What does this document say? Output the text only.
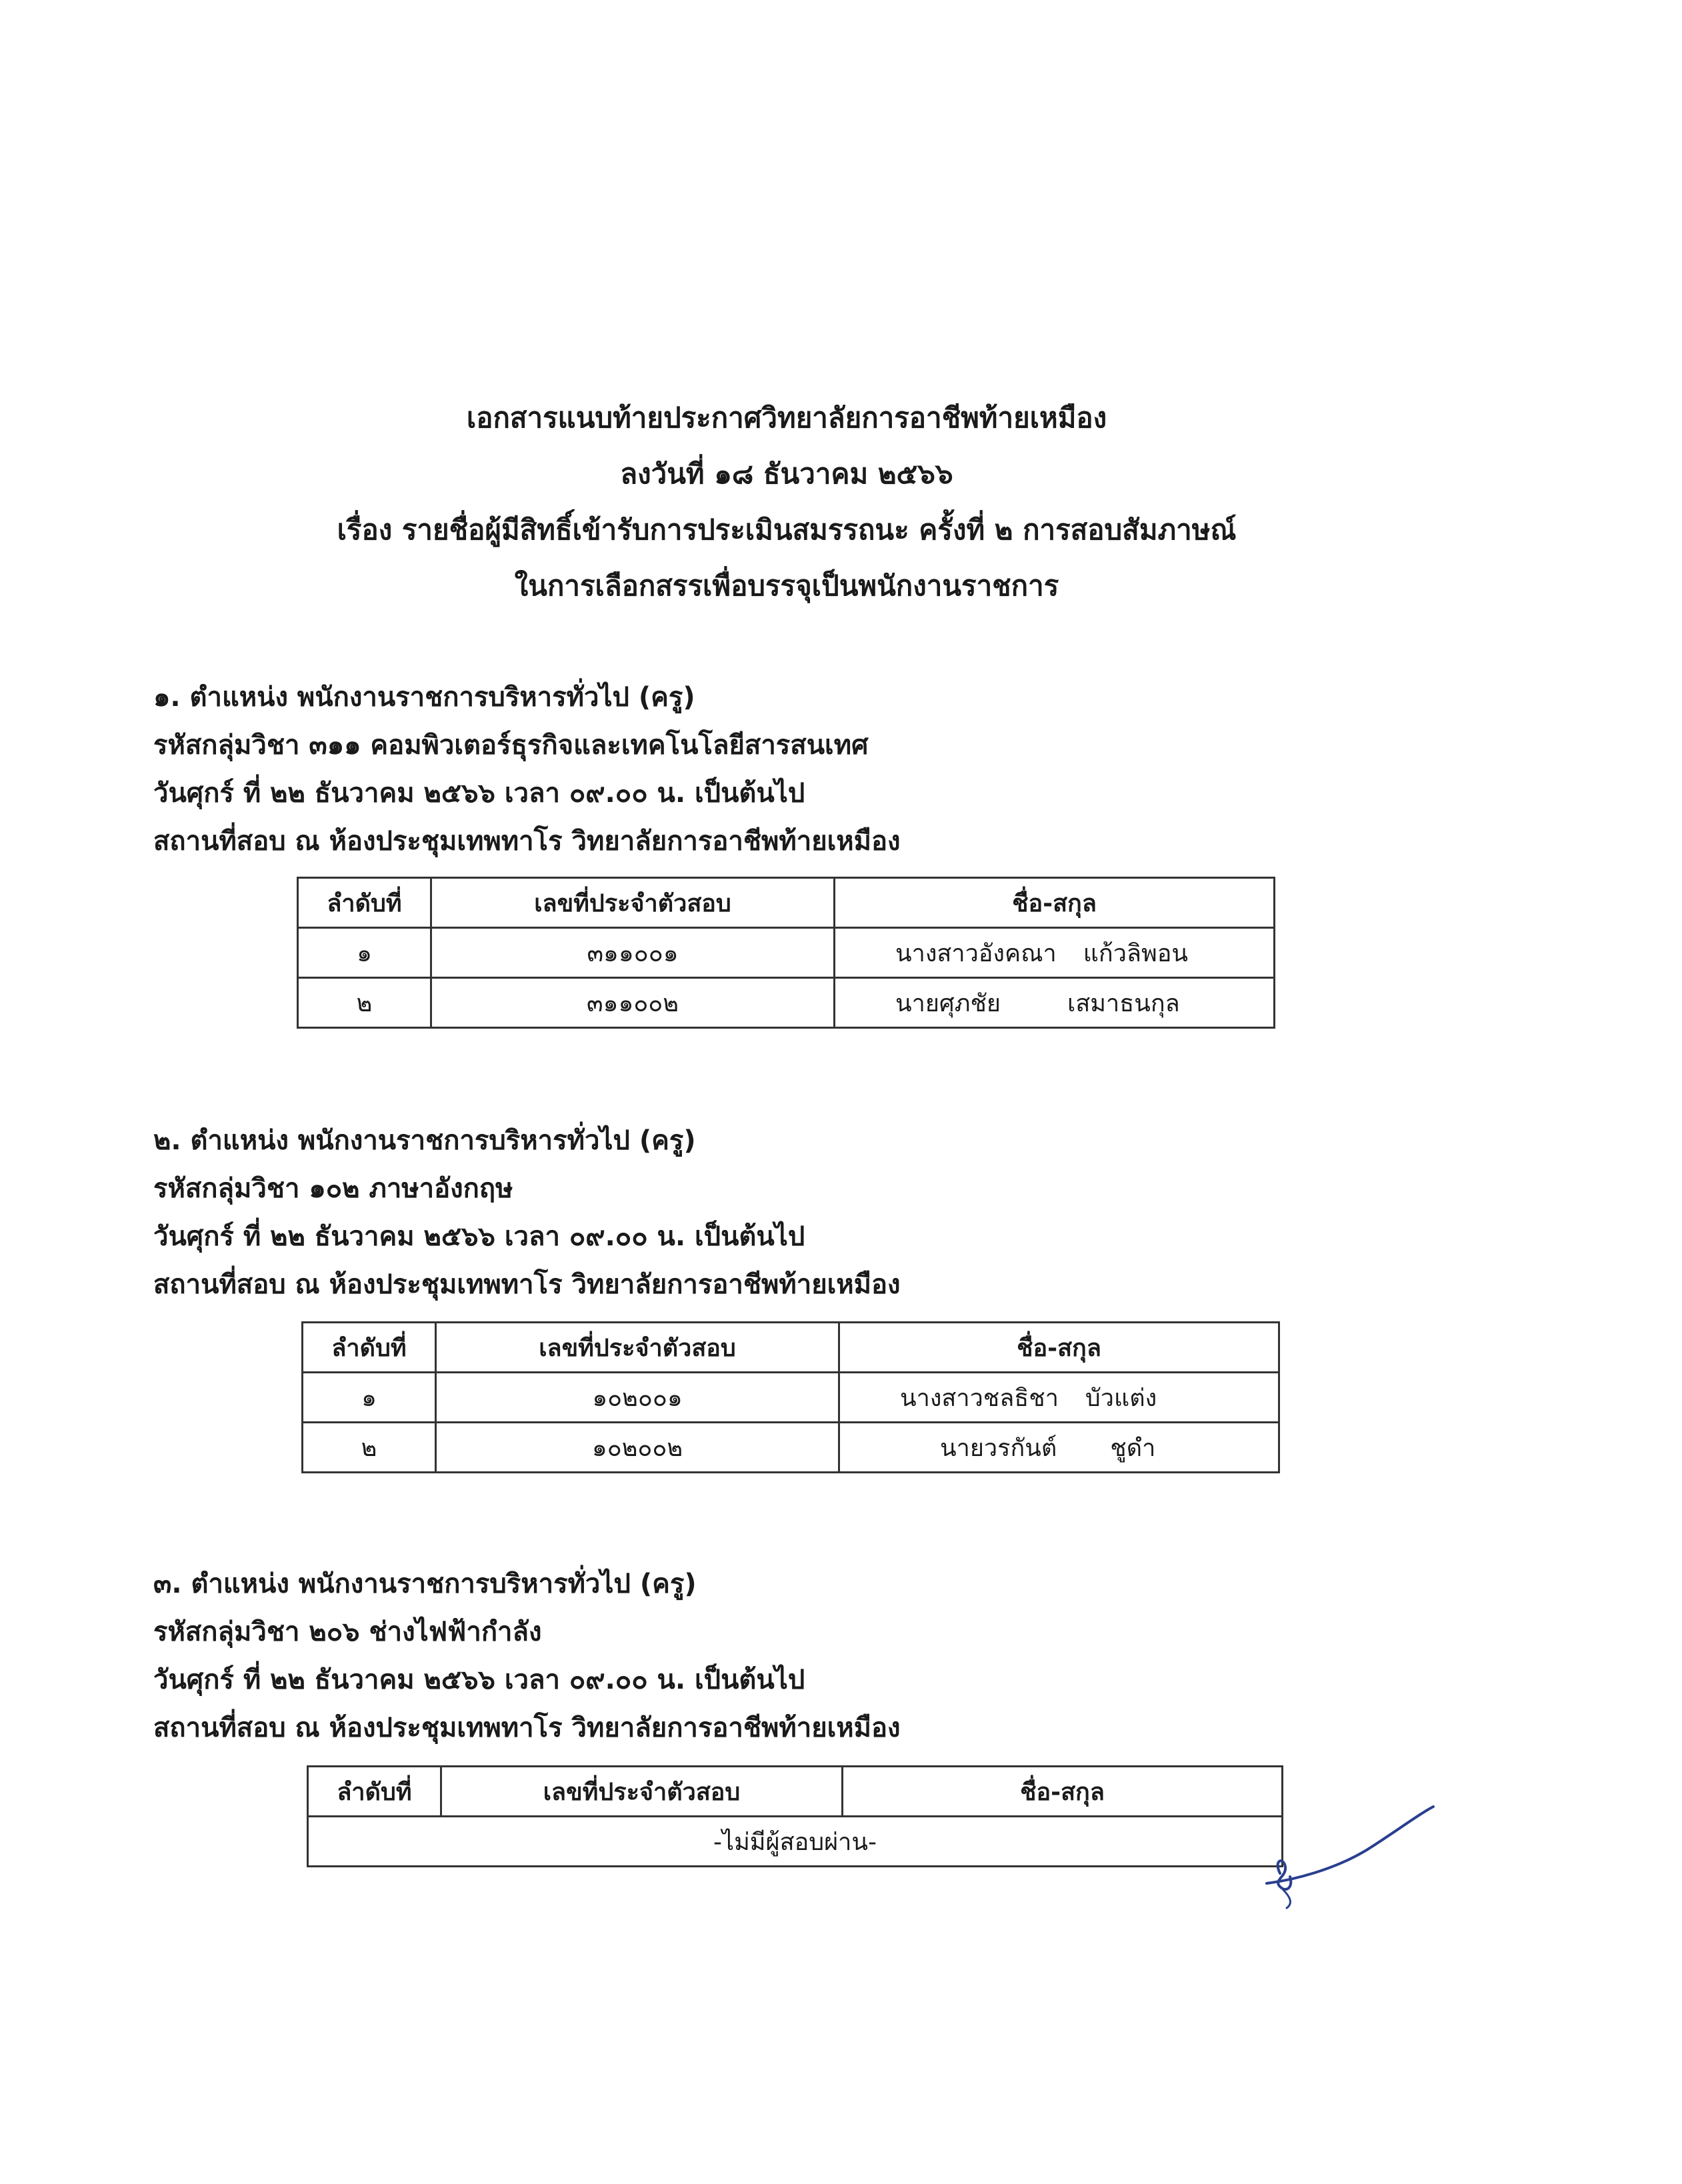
เอกสารแนบท้ายประกาศวิทยาลัยการอาชีพท้ายเหมือง
ลงวันที่ ๑๘ ธันวาคม ๒๕๖๖
เรื่อง รายชื่อผู้มีสิทธิ์เข้ารับการประเมินสมรรถนะ ครั้งที่ ๒ การสอบสัมภาษณ์
ในการเลือกสรรเพื่อบรรจุเป็นพนักงานราชการ
๑. ตำแหน่ง พนักงานราชการบริหารทั่วไป (ครู)
รหัสกลุ่มวิชา ๓๑๑ คอมพิวเตอร์ธุรกิจและเทคโนโลยีสารสนเทศ
วันศุกร์ ที่ ๒๒ ธันวาคม ๒๕๖๖ เวลา ๐๙.๐๐ น. เป็นต้นไป
สถานที่สอบ ณ ห้องประชุมเทพทาโร วิทยาลัยการอาชีพท้ายเหมือง
ลำดับที่	เลขที่ประจำตัวสอบ	ชื่อ-สกุล
๑	๓๑๑๐๐๑	นางสาวอังคณา แก้วลิพอน
๒	๓๑๑๐๐๒	นายศุภชัย เสมาธนกุล
๒. ตำแหน่ง พนักงานราชการบริหารทั่วไป (ครู)
รหัสกลุ่มวิชา ๑๐๒ ภาษาอังกฤษ
วันศุกร์ ที่ ๒๒ ธันวาคม ๒๕๖๖ เวลา ๐๙.๐๐ น. เป็นต้นไป
สถานที่สอบ ณ ห้องประชุมเทพทาโร วิทยาลัยการอาชีพท้ายเหมือง
ลำดับที่	เลขที่ประจำตัวสอบ	ชื่อ-สกุล
๑	๑๐๒๐๐๑	นางสาวชลธิชา บัวแต่ง
๒	๑๐๒๐๐๒	นายวรกันต์ ชูดำ
๓. ตำแหน่ง พนักงานราชการบริหารทั่วไป (ครู)
รหัสกลุ่มวิชา ๒๐๖ ช่างไฟฟ้ากำลัง
วันศุกร์ ที่ ๒๒ ธันวาคม ๒๕๖๖ เวลา ๐๙.๐๐ น. เป็นต้นไป
สถานที่สอบ ณ ห้องประชุมเทพทาโร วิทยาลัยการอาชีพท้ายเหมือง
ลำดับที่	เลขที่ประจำตัวสอบ	ชื่อ-สกุล
-ไม่มีผู้สอบผ่าน-
